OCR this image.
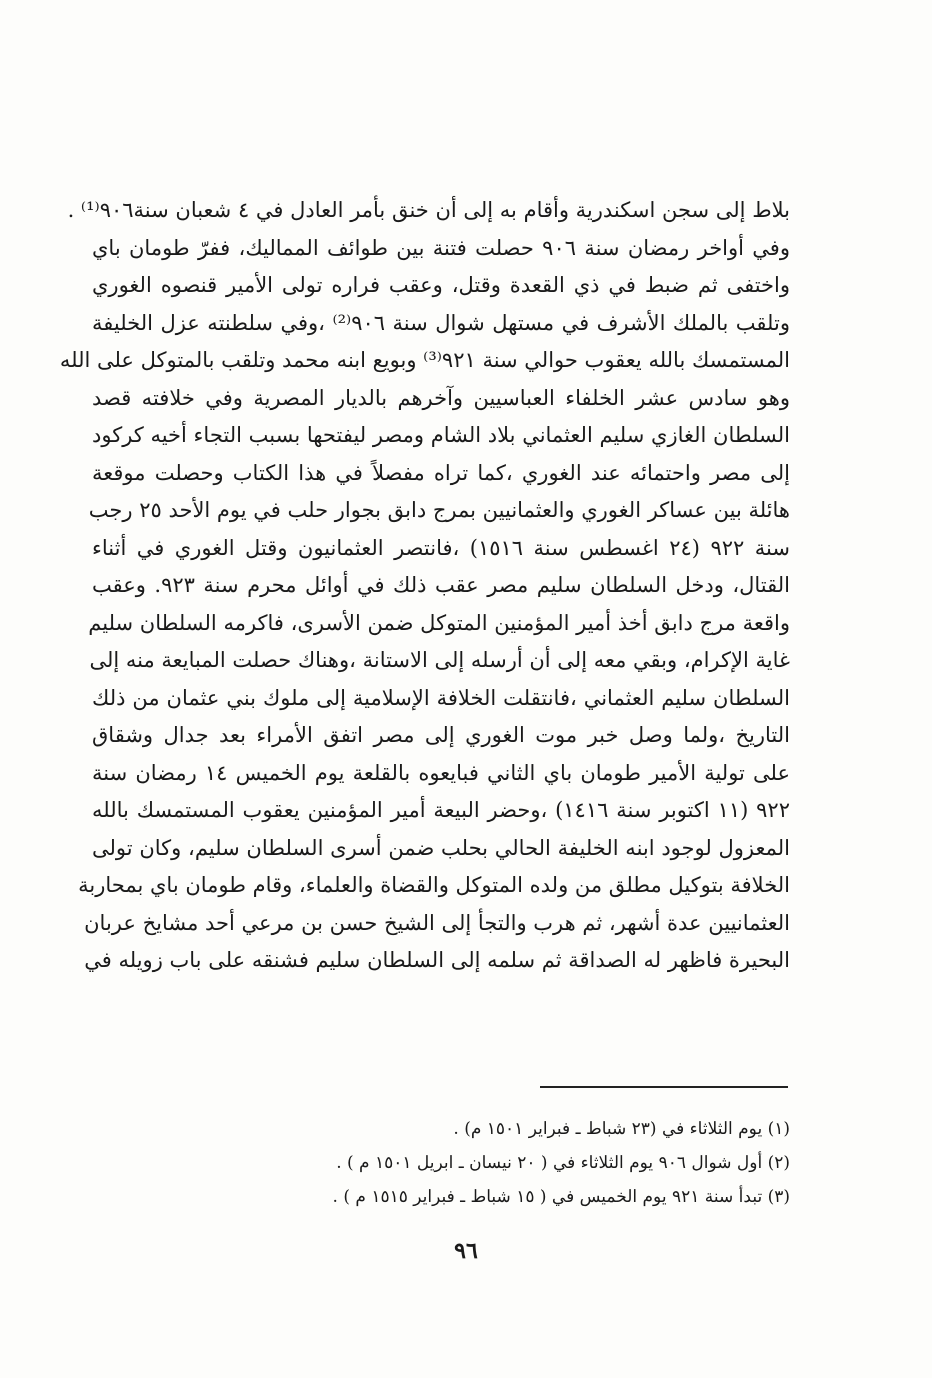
بلاط إلى سجن اسكندرية وأقام به إلى أن خنق بأمر العادل في ٤ شعبان سنة٩٠٦⁽¹⁾ .
وفي أواخر رمضان سنة ٩٠٦ حصلت فتنة بين طوائف المماليك، ففرّ طومان باي
واختفى ثم ضبط في ذي القعدة وقتل، وعقب فراره تولى الأمير قنصوه الغوري
وتلقب بالملك الأشرف في مستهل شوال سنة ٩٠٦⁽²⁾ ،وفي سلطنته عزل الخليفة
المستمسك بالله يعقوب حوالي سنة ٩٢١⁽³⁾ وبويع ابنه محمد وتلقب بالمتوكل على الله
وهو سادس عشر الخلفاء العباسيين وآخرهم بالديار المصرية وفي خلافته قصد
السلطان الغازي سليم العثماني بلاد الشام ومصر ليفتحها بسبب التجاء أخيه كركود
إلى مصر واحتمائه عند الغوري ،كما تراه مفصلاً في هذا الكتاب وحصلت موقعة
هائلة بين عساكر الغوري والعثمانيين بمرج دابق بجوار حلب في يوم الأحد ٢٥ رجب
سنة ٩٢٢ (٢٤ اغسطس سنة ١٥١٦) ،فانتصر العثمانيون وقتل الغوري في أثناء
القتال، ودخل السلطان سليم مصر عقب ذلك في أوائل محرم سنة ٩٢٣. وعقب
واقعة مرج دابق أخذ أمير المؤمنين المتوكل ضمن الأسرى، فاكرمه السلطان سليم
غاية الإكرام، وبقي معه إلى أن أرسله إلى الاستانة ،وهناك حصلت المبايعة منه إلى
السلطان سليم العثماني ،فانتقلت الخلافة الإسلامية إلى ملوك بني عثمان من ذلك
التاريخ ،ولما وصل خبر موت الغوري إلى مصر اتفق الأمراء بعد جدال وشقاق
على تولية الأمير طومان باي الثاني فبايعوه بالقلعة يوم الخميس ١٤ رمضان سنة
٩٢٢ (١١ اكتوبر سنة ١٤١٦) ،وحضر البيعة أمير المؤمنين يعقوب المستمسك بالله
المعزول لوجود ابنه الخليفة الحالي بحلب ضمن أسرى السلطان سليم، وكان تولى
الخلافة بتوكيل مطلق من ولده المتوكل والقضاة والعلماء، وقام طومان باي بمحاربة
العثمانيين عدة أشهر، ثم هرب والتجأ إلى الشيخ حسن بن مرعي أحد مشايخ عربان
البحيرة فاظهر له الصداقة ثم سلمه إلى السلطان سليم فشنقه على باب زويله في
(١) يوم الثلاثاء في (٢٣ شباط ـ فبراير ١٥٠١ م) .
(٢) أول شوال ٩٠٦ يوم الثلاثاء في ( ٢٠ نيسان ـ ابريل ١٥٠١ م ) .
(٣) تبدأ سنة ٩٢١ يوم الخميس في ( ١٥ شباط ـ فبراير ١٥١٥ م ) .
٩٦
